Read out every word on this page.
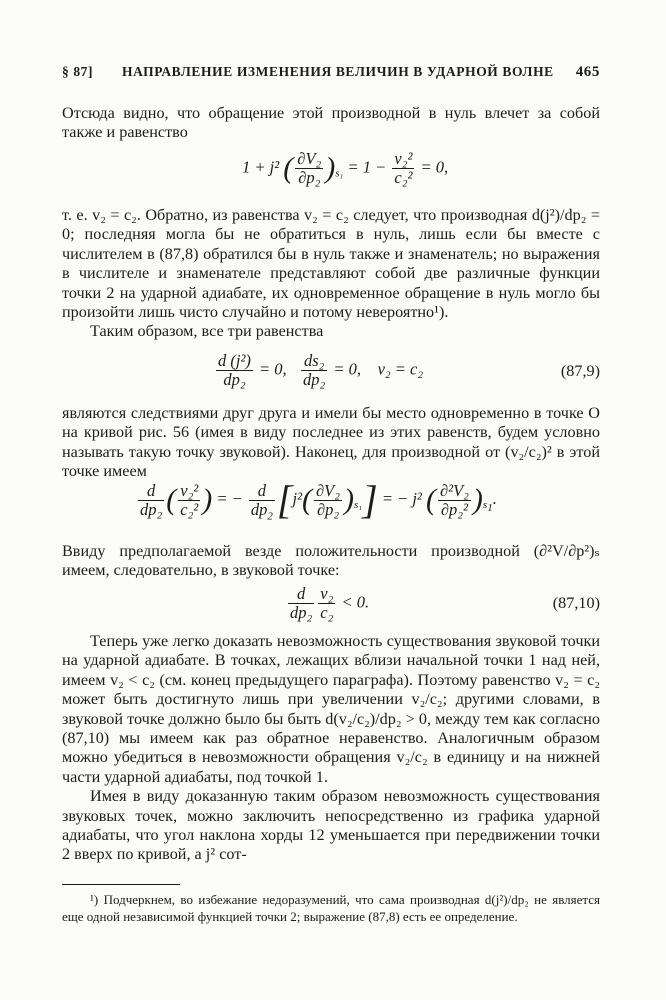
§ 87] НАПРАВЛЕНИЕ ИЗМЕНЕНИЯ ВЕЛИЧИН В УДАРНОЙ ВОЛНЕ 465

Отсюда видно, что обращение этой производной в нуль влечет за собой также и равенство

1 + j² ( $\frac{\text{∂V₂}}{\text{∂p₂}} )_{s_1} = 1 - \frac{\text{v₂²}}{\text{c₂²}} = 0$,

т. е. v₂ = c₂. Обратно, из равенства v₂ = c₂ следует, что производная d(j²)/dp₂ = 0; последняя могла бы не обратиться в нуль, лишь если бы вместе с числителем в (87,8) обратился бы в нуль также и знаменатель; но выражения в числителе и знаменателе представляют собой две различные функции точки 2 на ударной адиабате, их одновременное обращение в нуль могло бы произойти лишь чисто случайно и потому невероятно¹).

Таким образом, все три равенства

$\frac{\text{d (j²)}}{\text{dp₂}} = 0$, $\frac{\text{ds₂}}{\text{dp₂}} = 0$, v₂ = c₂	(87,9)

являются следствиями друг друга и имели бы место одновременно в точке O на кривой рис. 56 (имея в виду последнее из этих равенств, будем условно называть такую точку звуковой). Наконец, для производной от (v₂/c₂)² в этой точке имеем

$\frac{d}{\text{dp₂}}$ ( $\frac{\text{v₂²}}{\text{c₂²}}$ ) = − $\frac{d}{dp_2} [j^2( \frac{\text{∂V₂}}{\text{∂p₂}} )_{s_1}]$ = − j² ( $\frac{\text{∂²V₂}}{\text{∂p₂²}} )_{s_1}$.

Ввиду предполагаемой везде положительности производной (∂²V/∂p²)ₛ имеем, следовательно, в звуковой точке:

$\frac{d}{\text{dp₂}} \frac{\text{v₂}}{\text{c₂}} < 0$.	(87,10)

Теперь уже легко доказать невозможность существования звуковой точки на ударной адиабате. В точках, лежащих вблизи начальной точки 1 над ней, имеем v₂ < c₂ (см. конец предыдущего параграфа). Поэтому равенство v₂ = c₂ может быть достигнуто лишь при увеличении v₂/c₂; другими словами, в звуковой точке должно было бы быть d(v₂/c₂)/dp₂ > 0, между тем как согласно (87,10) мы имеем как раз обратное неравенство. Аналогичным образом можно убедиться в невозможности обращения v₂/c₂ в единицу и на нижней части ударной адиабаты, под точкой 1.

Имея в виду доказанную таким образом невозможность существования звуковых точек, можно заключить непосредственно из графика ударной адиабаты, что угол наклона хорды 12 уменьшается при передвижении точки 2 вверх по кривой, а j² сот-

¹) Подчеркнем, во избежание недоразумений, что сама производная d(j²)/dp₂ не является еще одной независимой функцией точки 2; выражение (87,8) есть ее определение.
